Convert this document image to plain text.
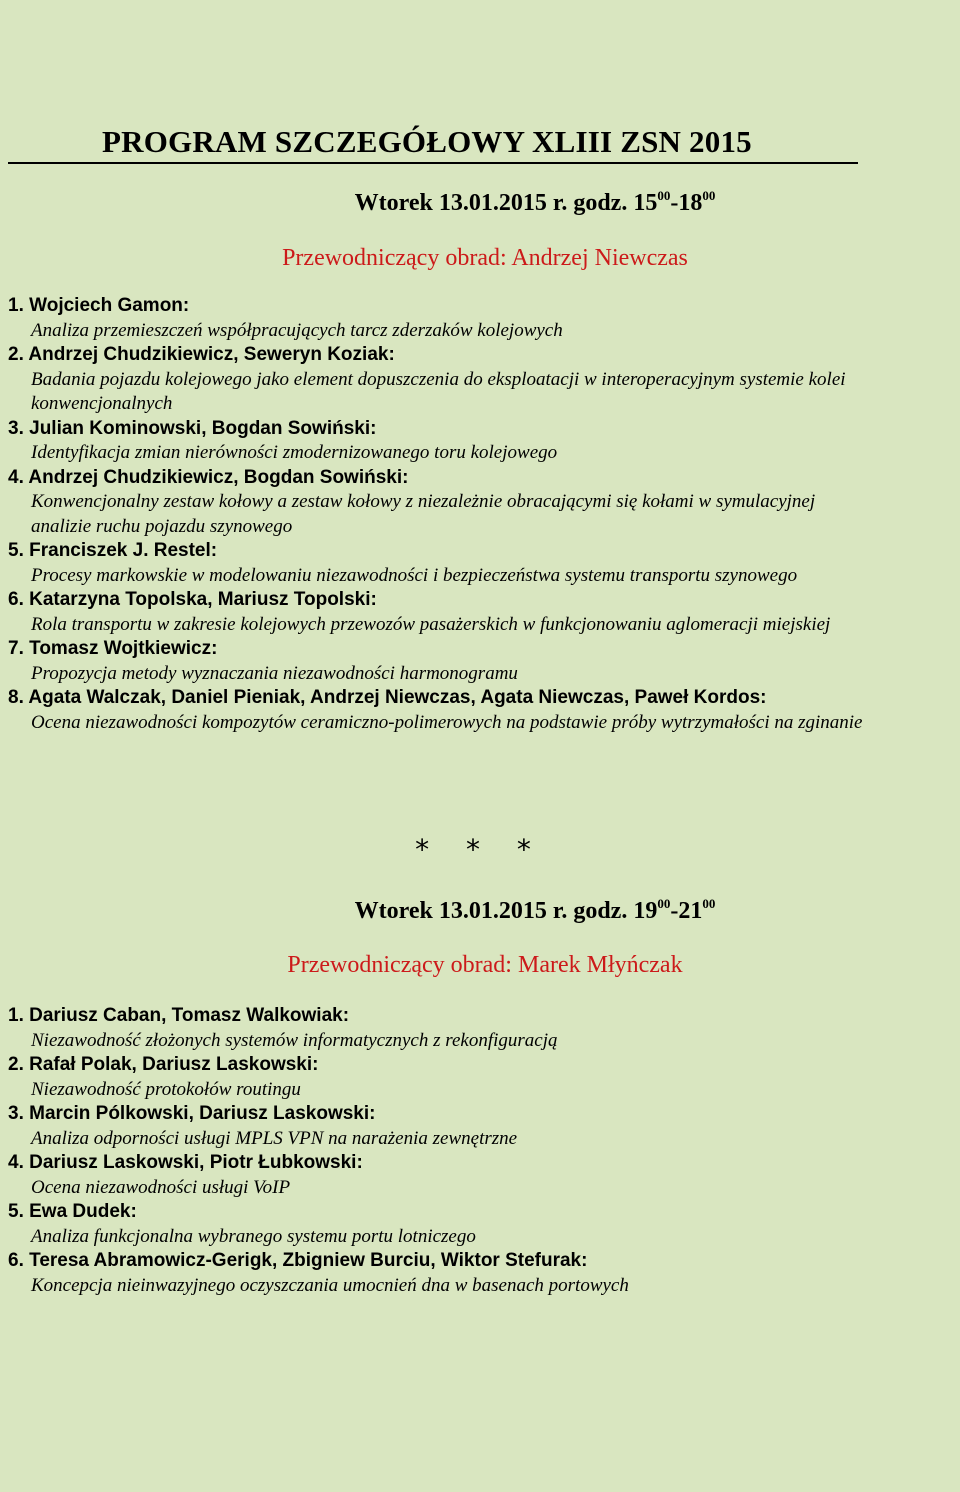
PROGRAM SZCZEGÓŁOWY XLIII ZSN 2015
Wtorek 13.01.2015 r. godz. $15^{00}-18^{00}$
Przewodniczący obrad: Andrzej Niewczas
1. Wojciech Gamon:
Analiza przemieszczeń współpracujących tarcz zderzaków kolejowych
2. Andrzej Chudzikiewicz, Seweryn Koziak:
Badania pojazdu kolejowego jako element dopuszczenia do eksploatacji w interoperacyjnym systemie kolei konwencjonalnych
3. Julian Kominowski, Bogdan Sowiński:
Identyfikacja zmian nierówności zmodernizowanego toru kolejowego
4. Andrzej Chudzikiewicz, Bogdan Sowiński:
Konwencjonalny zestaw kołowy a zestaw kołowy z niezależnie obracającymi się kołami w symulacyjnej analizie ruchu pojazdu szynowego
5. Franciszek J. Restel:
Procesy markowskie w modelowaniu niezawodności i bezpieczeństwa systemu transportu szynowego
6. Katarzyna Topolska, Mariusz Topolski:
Rola transportu w zakresie kolejowych przewozów pasażerskich w funkcjonowaniu aglomeracji miejskiej
7. Tomasz Wojtkiewicz:
Propozycja metody wyznaczania niezawodności harmonogramu
8. Agata Walczak, Daniel Pieniak, Andrzej Niewczas, Agata Niewczas, Paweł Kordos:
Ocena niezawodności kompozytów ceramiczno-polimerowych na podstawie próby wytrzymałości na zginanie
* * *
Wtorek 13.01.2015 r. godz. $19^{00}-21^{00}$
Przewodniczący obrad: Marek Młyńczak
1. Dariusz Caban, Tomasz Walkowiak:
Niezawodność złożonych systemów informatycznych z rekonfiguracją
2. Rafał Polak, Dariusz Laskowski:
Niezawodność protokołów routingu
3. Marcin Pólkowski, Dariusz Laskowski:
Analiza odporności usługi MPLS VPN na narażenia zewnętrzne
4. Dariusz Laskowski, Piotr Łubkowski:
Ocena niezawodności usługi VoIP
5. Ewa Dudek:
Analiza funkcjonalna wybranego systemu portu lotniczego
6. Teresa Abramowicz-Gerigk, Zbigniew Burciu, Wiktor Stefurak:
Koncepcja nieinwazyjnego oczyszczania umocnień dna w basenach portowych
